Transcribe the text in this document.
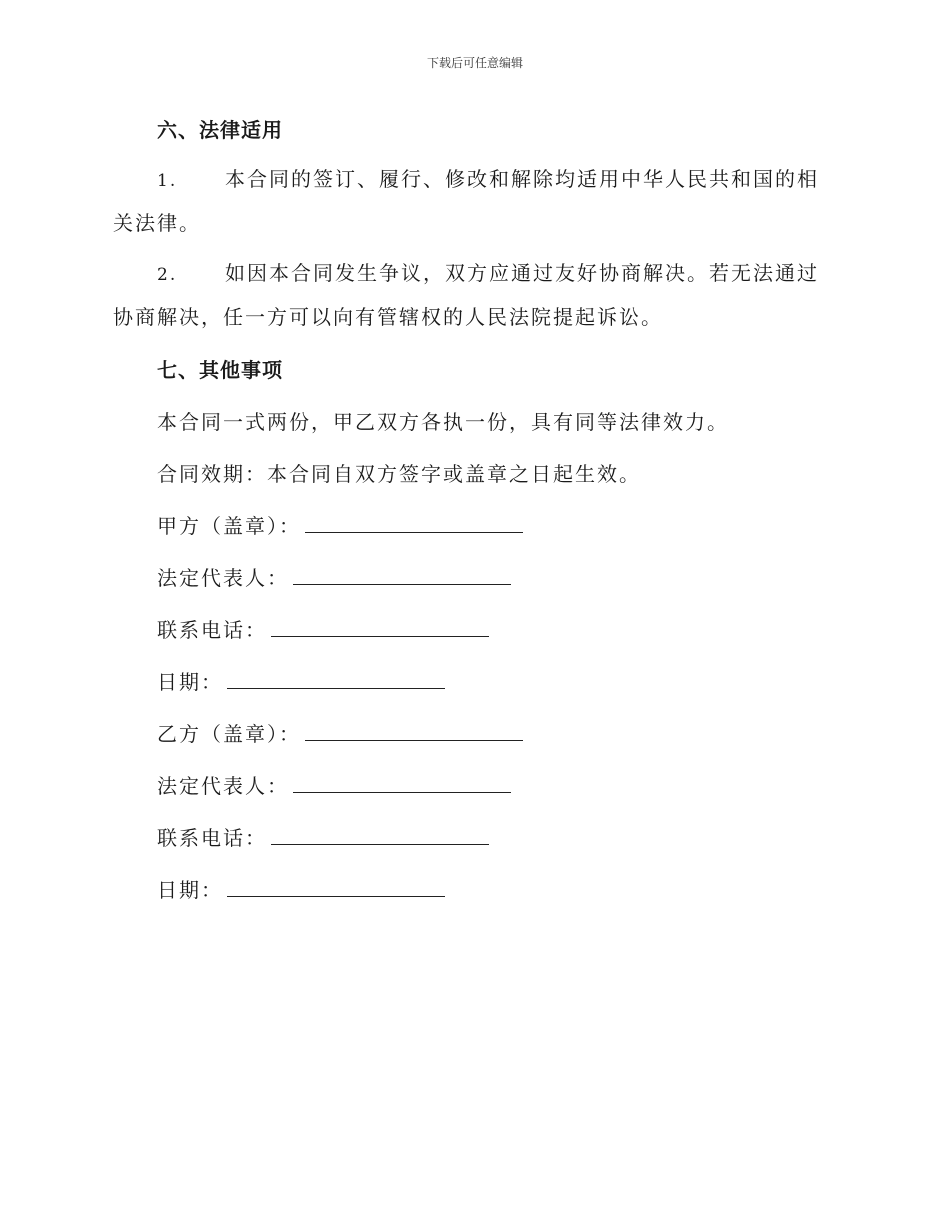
下载后可任意编辑
六、法律适用
1. 本合同的签订、履行、修改和解除均适用中华人民共和国的相关法律。
2. 如因本合同发生争议，双方应通过友好协商解决。若无法通过协商解决，任一方可以向有管辖权的人民法院提起诉讼。
七、其他事项
本合同一式两份，甲乙双方各执一份，具有同等法律效力。
合同效期：本合同自双方签字或盖章之日起生效。
甲方（盖章）：
法定代表人：
联系电话：
日期：
乙方（盖章）：
法定代表人：
联系电话：
日期：
